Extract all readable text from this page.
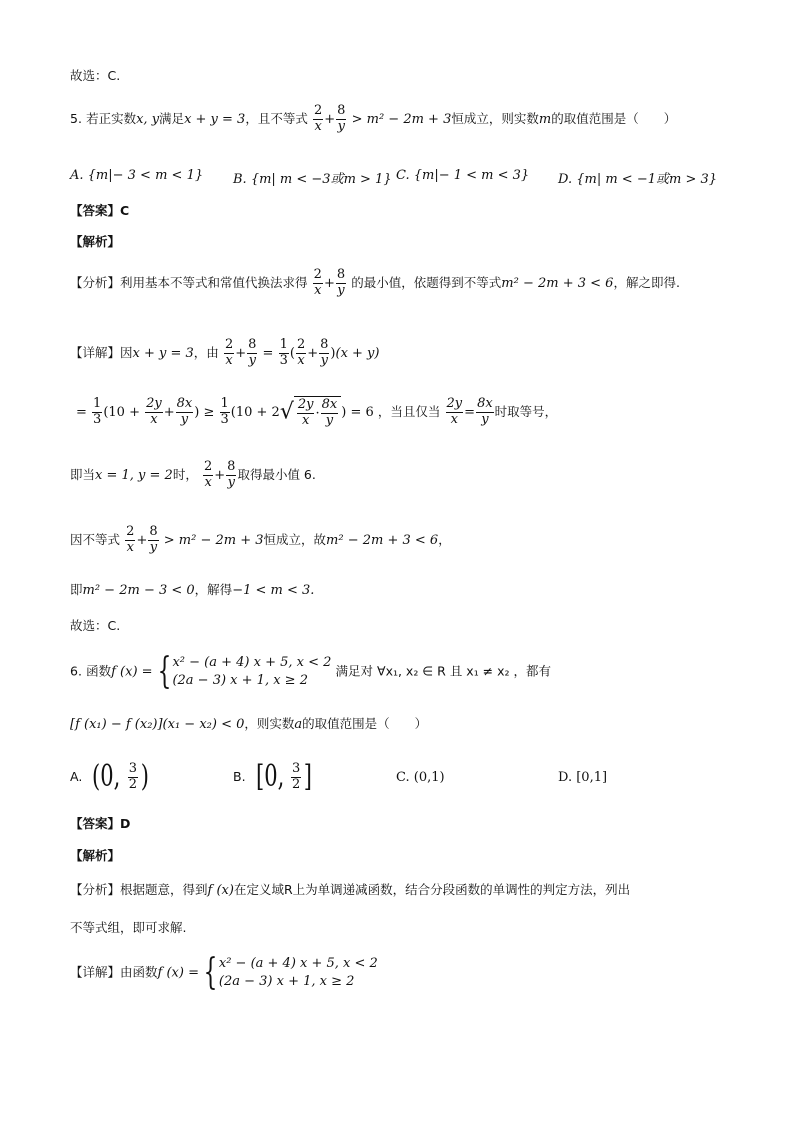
故选：C.
5. 若正实数x, y满足x + y = 3，且不等式 $\frac{2}{x} + \frac{8}{y} > m^2 - 2m + 3$恒成立，则实数m的取值范围是（　　）
A. {m|− 3 < m < 1} B. {m| m < −3或m > 1} C. {m|− 1 < m < 3} D. {m| m < −1或m > 3}
【答案】C
【解析】
【分析】利用基本不等式和常值代换法求得 $\frac{2}{x} + \frac{8}{y}$ 的最小值，依题得到不等式m² − 2m + 3 < 6，解之即得.
【详解】因x + y = 3，由 $\frac{2}{x} + \frac{8}{y} = \frac{1}{3}$ ( $\frac{2}{x} + \frac{8}{y} )(x + y)$
= $\frac{1}{3} (10 + \frac{2y}{x} + \frac{8x}{y}$ ) ≥ $\frac{1}{3} (10 + 2√ \frac{2y}{x} \cdot \frac{8x}{y}$ ) = 6 ，当且仅当 $\frac{2y}{x} = \frac{8x}{y}$ 时取等号，
即当x = 1, y = 2时， $\frac{2}{x} + \frac{8}{y}$ 取得最小值 6.
因不等式 $\frac{2}{x} + \frac{8}{y} > m^2 - 2m + 3$恒成立，故m² − 2m + 3 < 6，
即m² − 2m − 3 < 0，解得−1 < m < 3.
故选：C.
6. 函数f (x) = { x² − (a + 4) x + 5, x < 2
(2a − 3) x + 1, x ≥ 2
满足对 ∀x₁, x₂ ∈ R 且 x₁ ≠ x₂ ，都有
[f (x₁) − f (x₂)](x₁ − x₂) < 0，则实数a的取值范围是（　　）
A. (0, $\frac{3}{2}$ )	B. [0, $\frac{3}{2}$ ]	C. (0,1)	D. [0,1]
【答案】D
【解析】
【分析】根据题意，得到f (x)在定义域R上为单调递减函数，结合分段函数的单调性的判定方法，列出
不等式组，即可求解.
【详解】由函数f (x) = { x² − (a + 4) x + 5, x < 2
(2a − 3) x + 1, x ≥ 2
